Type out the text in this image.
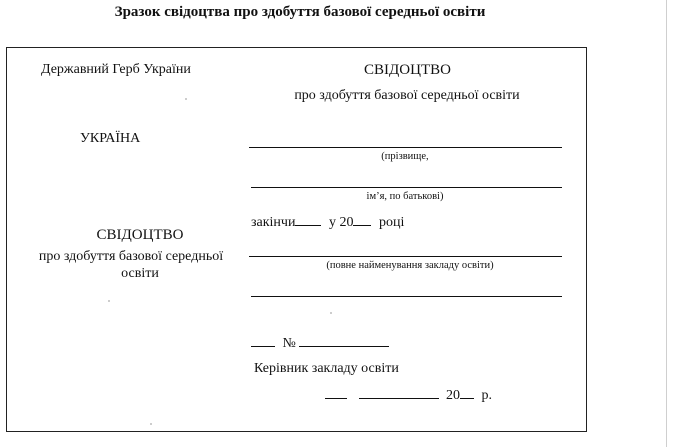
Зразок свідоцтва про здобуття базової середньої освіти
Державний Герб України
УКРАЇНА
СВІДОЦТВО
про здобуття базової середньої
освіти
СВІДОЦТВО
про здобуття базової середньої освіти
(прізвище,
ім’я, по батькові)
закінчи у 20 році
(повне найменування закладу освіти)
№
Керівник закладу освіти
20 р.
